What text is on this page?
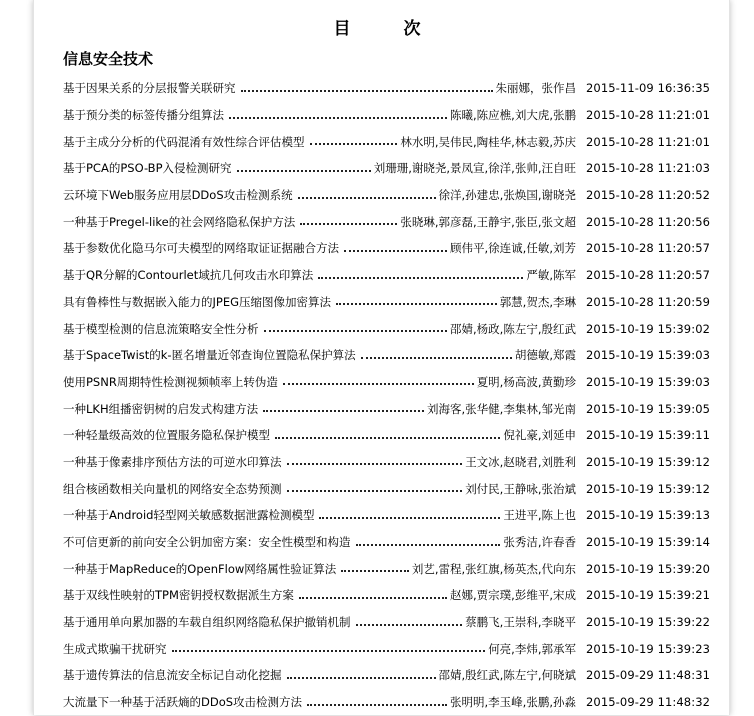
目　次
信息安全技术
基于因果关系的分层报警关联研究	朱丽娜，张作昌 2015-11-09 16:36:35
基于预分类的标签传播分组算法	陈曦,陈应樵,刘大虎,张鹏 2015-10-28 11:21:01
基于主成分分析的代码混淆有效性综合评估模型	林水明,吴伟民,陶桂华,林志毅,苏庆 2015-10-28 11:21:01
基于PCA的PSO-BP入侵检测研究	刘珊珊,谢晓尧,景凤宣,徐洋,张帅,汪自旺 2015-10-28 11:21:03
云环境下Web服务应用层DDoS攻击检测系统	徐洋,孙建忠,张焕国,谢晓尧 2015-10-28 11:20:52
一种基于Pregel-like的社会网络隐私保护方法	张晓琳,郭彦磊,王静宇,张臣,张文超 2015-10-28 11:20:56
基于参数优化隐马尔可夫模型的网络取证证据融合方法	顾伟平,徐连诚,任敏,刘芳 2015-10-28 11:20:57
基于QR分解的Contourlet域抗几何攻击水印算法	严敏,陈军 2015-10-28 11:20:57
具有鲁棒性与数据嵌入能力的JPEG压缩图像加密算法	郭慧,贺杰,李琳 2015-10-28 11:20:59
基于模型检测的信息流策略安全性分析	邵婧,杨政,陈左宁,殷红武 2015-10-19 15:39:02
基于SpaceTwist的k-匿名增量近邻查询位置隐私保护算法	胡德敏,郑霞 2015-10-19 15:39:03
使用PSNR周期特性检测视频帧率上转伪造	夏明,杨高波,黄勤珍 2015-10-19 15:39:03
一种LKH组播密钥树的启发式构建方法	刘海客,张华健,李集林,邹光南 2015-10-19 15:39:05
一种轻量级高效的位置服务隐私保护模型	倪礼豪,刘延申 2015-10-19 15:39:11
一种基于像素排序预估方法的可逆水印算法	王文冰,赵晓君,刘胜利 2015-10-19 15:39:12
组合核函数相关向量机的网络安全态势预测	刘付民,王静咏,张治斌 2015-10-19 15:39:12
一种基于Android轻型网关敏感数据泄露检测模型	王进平,陈上也 2015-10-19 15:39:13
不可信更新的前向安全公钥加密方案：安全性模型和构造	张秀洁,许春香 2015-10-19 15:39:14
一种基于MapReduce的OpenFlow网络属性验证算法	刘艺,雷程,张红旗,杨英杰,代向东 2015-10-19 15:39:20
基于双线性映射的TPM密钥授权数据派生方案	赵娜,贾宗璞,彭维平,宋成 2015-10-19 15:39:21
基于通用单向累加器的车载自组织网络隐私保护撤销机制	蔡鹏飞,王崇科,李晓平 2015-10-19 15:39:22
生成式欺骗干扰研究	何亮,李炜,郭承军 2015-10-19 15:39:23
基于遗传算法的信息流安全标记自动化挖掘	邵婧,殷红武,陈左宁,何晓斌 2015-09-29 11:48:31
大流量下一种基于活跃熵的DDoS攻击检测方法	张明明,李玉峰,张鹏,孙淼 2015-09-29 11:48:32
